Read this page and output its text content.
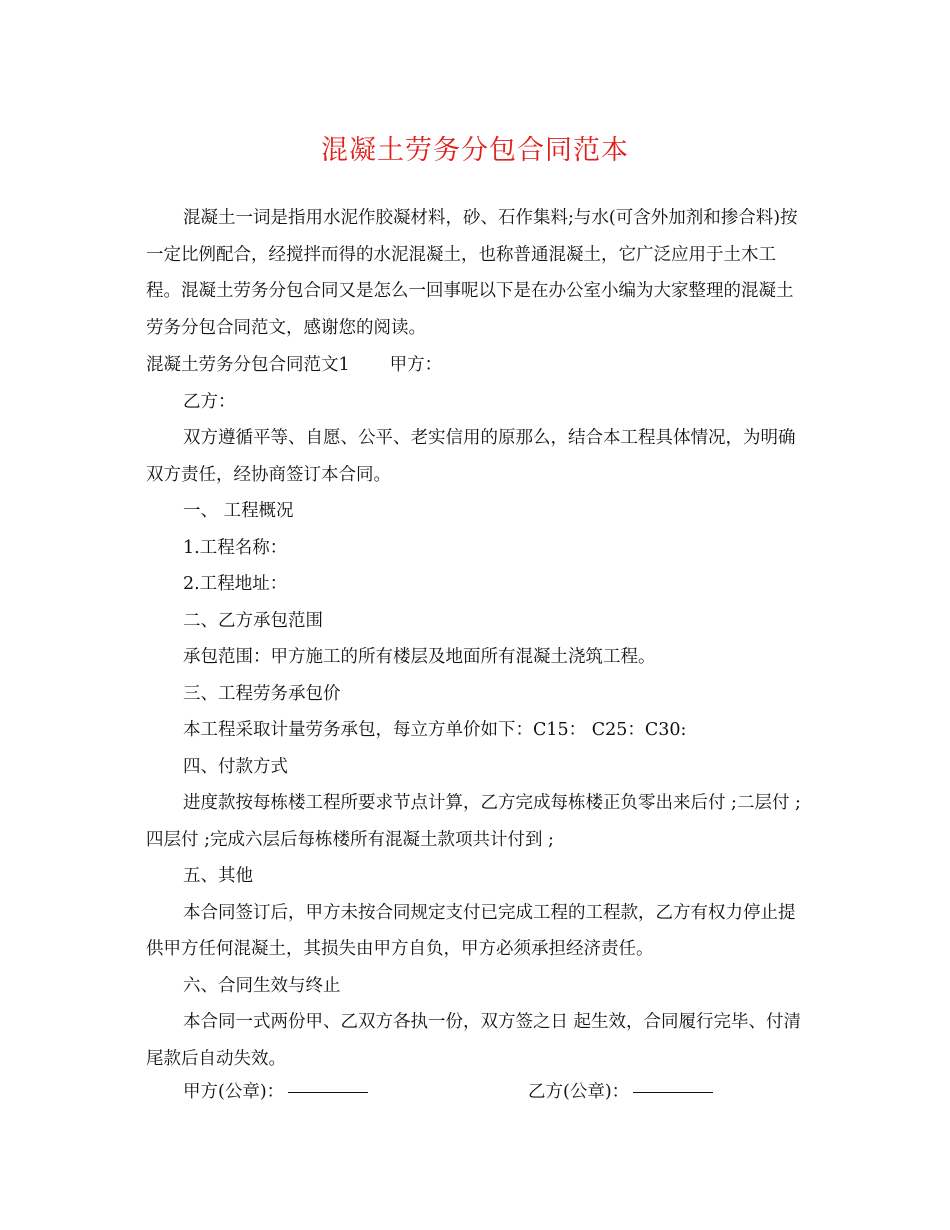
混凝土劳务分包合同范本

混凝土一词是指用水泥作胶凝材料，砂、石作集料;与水(可含外加剂和掺合料)按一定比例配合，经搅拌而得的水泥混凝土，也称普通混凝土，它广泛应用于土木工程。混凝土劳务分包合同又是怎么一回事呢以下是在办公室小编为大家整理的混凝土劳务分包合同范文，感谢您的阅读。

混凝土劳务分包合同范文1 甲方：

乙方：

双方遵循平等、自愿、公平、老实信用的原那么，结合本工程具体情况，为明确双方责任，经协商签订本合同。

一、 工程概况

1.工程名称：

2.工程地址：

二、乙方承包范围

承包范围：甲方施工的所有楼层及地面所有混凝土浇筑工程。

三、工程劳务承包价

本工程采取计量劳务承包，每立方单价如下：C15： C25：C30:

四、付款方式

进度款按每栋楼工程所要求节点计算，乙方完成每栋楼正负零出来后付 ;二层付 ;四层付 ;完成六层后每栋楼所有混凝土款项共计付到 ;

五、其他

本合同签订后，甲方未按合同规定支付已完成工程的工程款，乙方有权力停止提供甲方任何混凝土，其损失由甲方自负，甲方必须承担经济责任。

六、合同生效与终止

本合同一式两份甲、乙双方各执一份，双方签之日 起生效，合同履行完毕、付清尾款后自动失效。

甲方(公章)：	乙方(公章)：
